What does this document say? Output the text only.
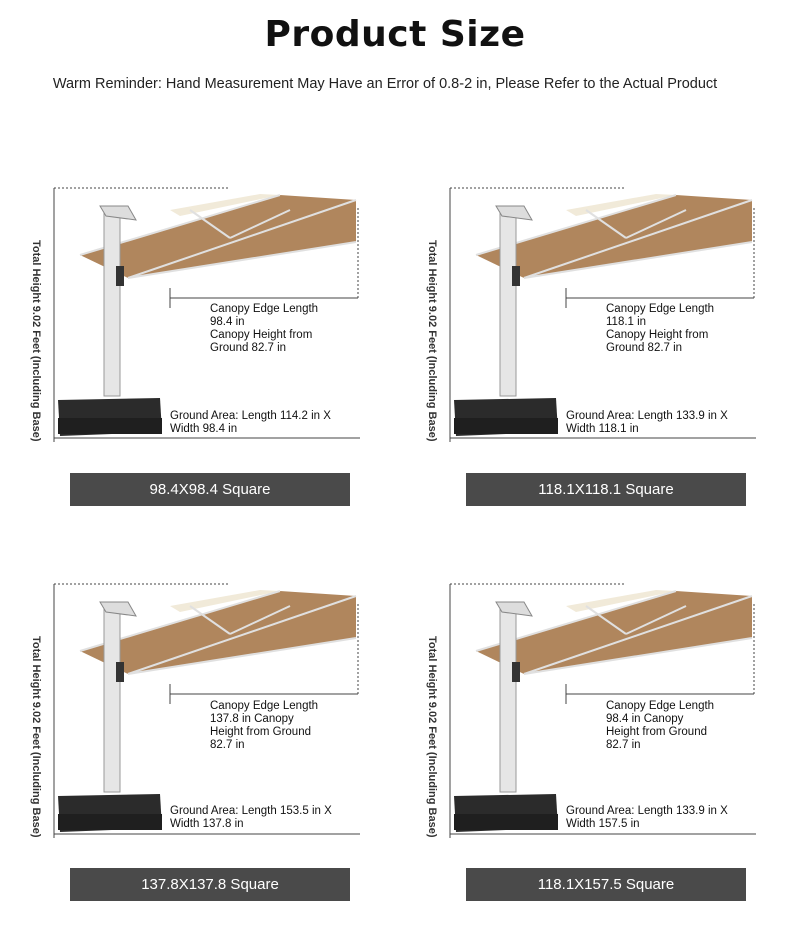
Product Size
Warm Reminder: Hand Measurement May Have an Error of 0.8-2 in, Please Refer to the Actual Product
Total Height 9.02 Feet (Including Base)	Canopy Edge Length
98.4 in
Canopy Height from
Ground 82.7 in
Ground Area: Length 114.2 in X
Width 98.4 in
98.4X98.4 Square
Total Height 9.02 Feet (Including Base)	Canopy Edge Length
118.1 in
Canopy Height from
Ground 82.7 in
Ground Area: Length 133.9 in X
Width 118.1 in
118.1X118.1 Square
Total Height 9.02 Feet (Including Base)	Canopy Edge Length
137.8 in Canopy
Height from Ground
82.7 in
Ground Area: Length 153.5 in X
Width 137.8 in
137.8X137.8 Square
Total Height 9.02 Feet (Including Base)	Canopy Edge Length
98.4 in Canopy
Height from Ground
82.7 in
Ground Area: Length 133.9 in X
Width 157.5 in
118.1X157.5 Square
